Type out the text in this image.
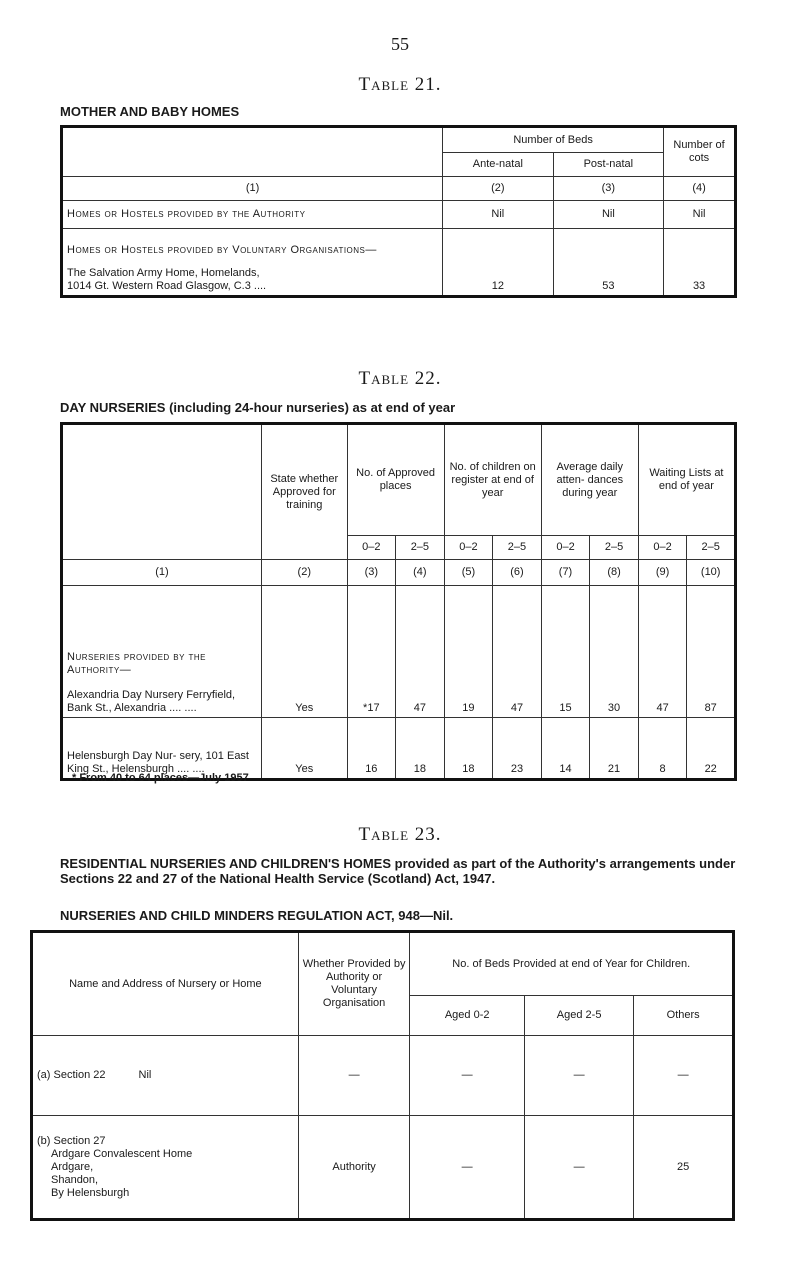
55
Table 21.
MOTHER AND BABY HOMES
	Number of Beds		Number of cots
	Ante-natal	Post-natal	
(1)	(2)	(3)	(4)
Homes or Hostels provided by the Authority	Nil	Nil	Nil

Homes or Hostels provided by Voluntary Organisations—
The Salvation Army Home, Homelands,
1014 Gt. Western Road Glasgow, C.3 ....	12	53	33
Table 22.
DAY NURSERIES (including 24-hour nurseries) as at end of year
	State whether Approved for training	No. of Approved places		No. of children on register at end of year		Average daily atten- dances during year		Waiting Lists at end of year	
		0–2	2–5	0–2	2–5	0–2	2–5	0–2	2–5
(1)	(2)	(3)	(4)	(5)	(6)	(7)	(8)	(9)	(10)

Nurseries provided by the Authority—
Alexandria Day Nursery Ferryfield, Bank St., Alexandria .... ....	Yes	*17	47	19	47	15	30	47	87
Helensburgh Day Nur- sery, 101 East King St., Helensburgh .... ....	Yes	16	18	18	23	14	21	8	22
* From 40 to 64 places—July 1957
Table 23.
RESIDENTIAL NURSERIES AND CHILDREN'S HOMES provided as part of the Authority's arrangements under Sections 22 and 27 of the National Health Service (Scotland) Act, 1947.
NURSERIES AND CHILD MINDERS REGULATION ACT, 948—Nil.
Name and Address of Nursery or Home	Whether Provided by Authority or Voluntary Organisation	No. of Beds Provided at end of Year for Children.		
		Aged 0-2	Aged 2-5	Others
(a) Section 22 Nil	—	—	—	—

(b) Section 27
Ardgare Convalescent Home
Ardgare,
Shandon,
By Helensburgh	Authority	—	—	25
